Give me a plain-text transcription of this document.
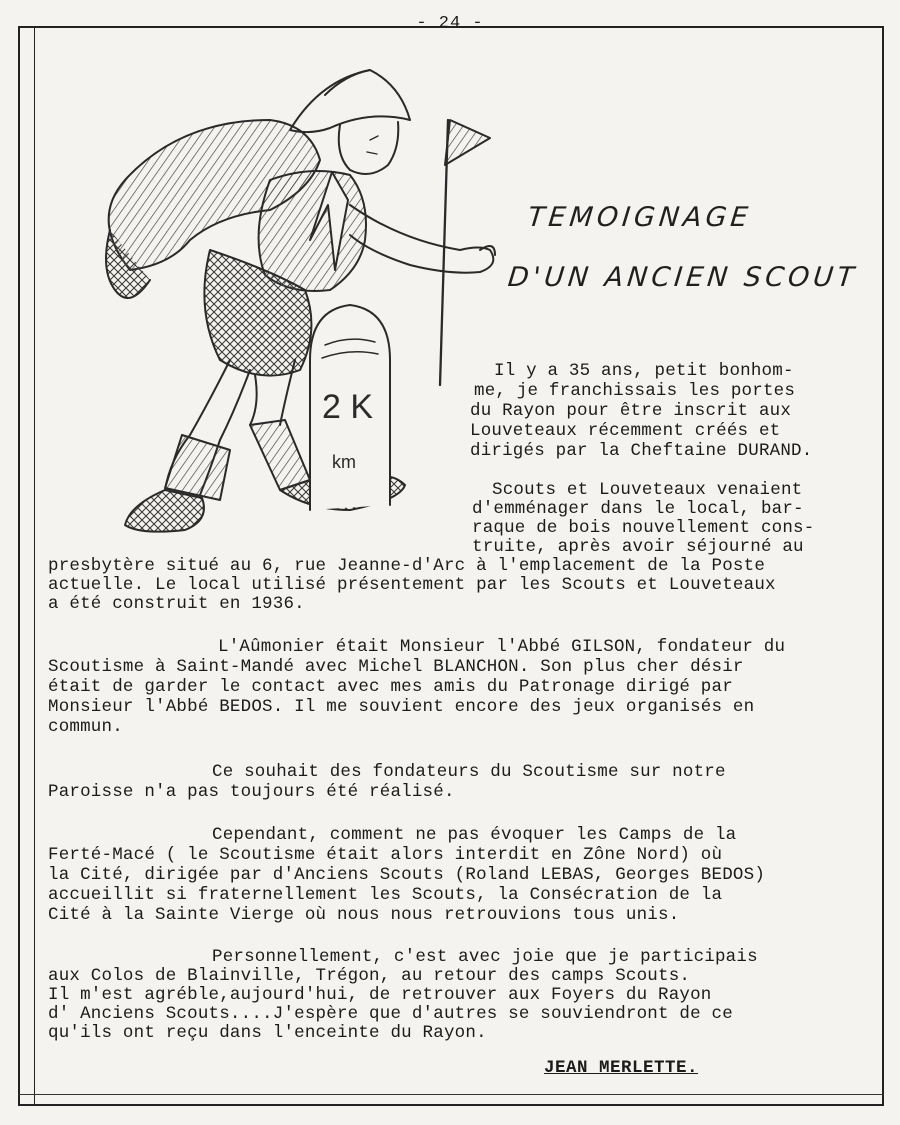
- 24 -
2 K
km
TEMOIGNAGE
D'UN ANCIEN SCOUT
Il y a 35 ans, petit bonhom-
me, je franchissais les portes
du Rayon pour être inscrit aux
Louveteaux récemment créés et
dirigés par la Cheftaine DURAND.
Scouts et Louveteaux venaient
d'emménager dans le local, bar-
raque de bois nouvellement cons-
truite, après avoir séjourné au
presbytère situé au 6, rue Jeanne-d'Arc à l'emplacement de la Poste
actuelle. Le local utilisé présentement par les Scouts et Louveteaux
a été construit en 1936.
L'Aûmonier était Monsieur l'Abbé GILSON, fondateur du
Scoutisme à Saint-Mandé avec Michel BLANCHON. Son plus cher désir
était de garder le contact avec mes amis du Patronage dirigé par
Monsieur l'Abbé BEDOS. Il me souvient encore des jeux organisés en
commun.
Ce souhait des fondateurs du Scoutisme sur notre
Paroisse n'a pas toujours été réalisé.
Cependant, comment ne pas évoquer les Camps de la
Ferté-Macé ( le Scoutisme était alors interdit en Zône Nord) où
la Cité, dirigée par d'Anciens Scouts (Roland LEBAS, Georges BEDOS)
accueillit si fraternellement les Scouts, la Consécration de la
Cité à la Sainte Vierge où nous nous retrouvions tous unis.
Personnellement, c'est avec joie que je participais
aux Colos de Blainville, Trégon, au retour des camps Scouts.
Il m'est agréble,aujourd'hui, de retrouver aux Foyers du Rayon
d' Anciens Scouts....J'espère que d'autres se souviendront de ce
qu'ils ont reçu dans l'enceinte du Rayon.
JEAN MERLETTE.
